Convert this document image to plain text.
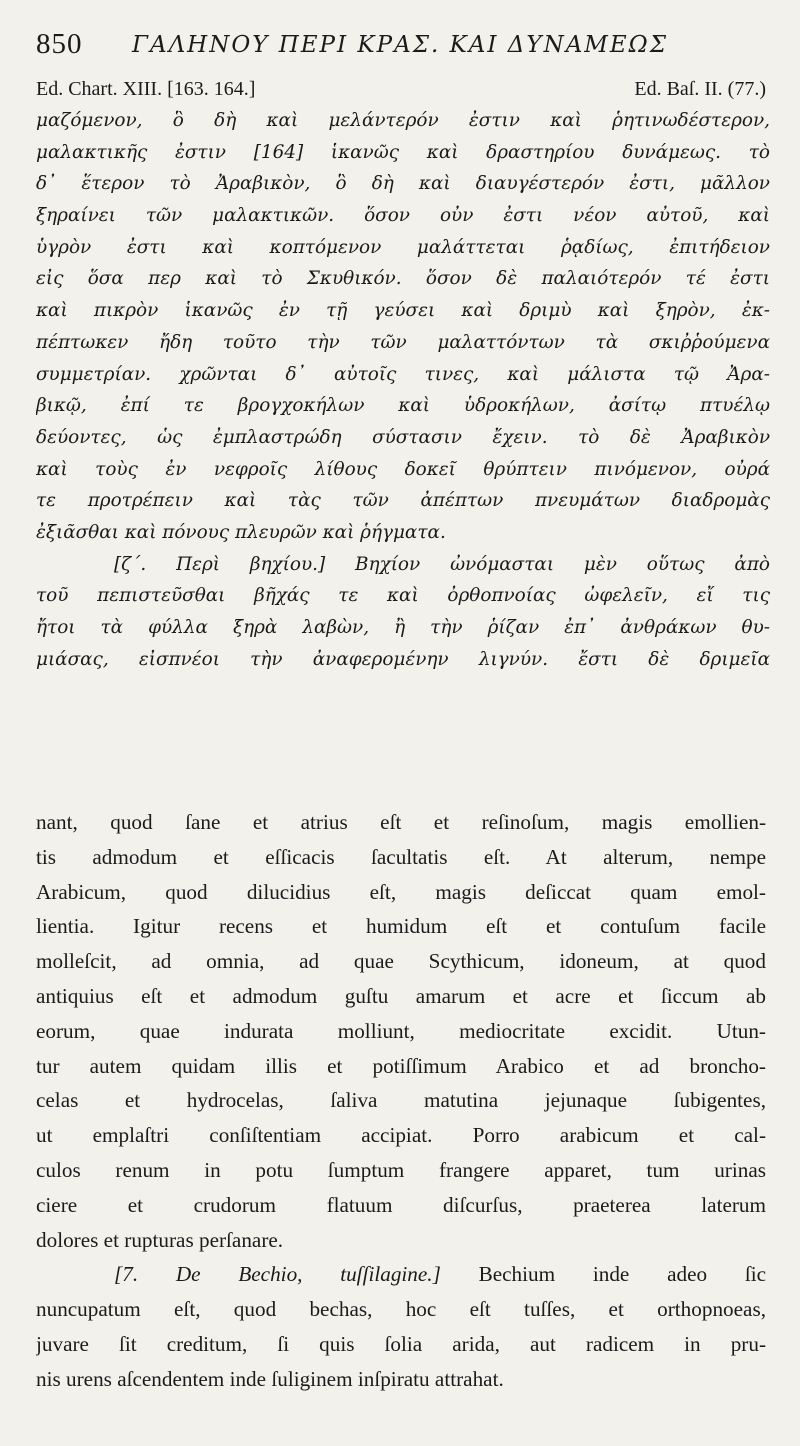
850 ΓΑΛΗΝΟΥ ΠΕΡΙ ΚΡΑΣ. ΚΑΙ ΔΥΝΑΜΕΩΣ
Ed. Chart. XIII. [163. 164.]	Ed. Baſ. II. (77.)
μαζόμενον, ὃ δὴ καὶ μελάντερόν ἐστιν καὶ ῥητινωδέστερον,
μαλακτικῆς ἐστιν [164] ἱκανῶς καὶ δραστηρίου δυνάμεως. τὸ
δ᾽ ἕτερον τὸ Ἀραβικὸν, ὃ δὴ καὶ διαυγέστερόν ἐστι, μᾶλλον
ξηραίνει τῶν μαλακτικῶν. ὅσον οὖν ἐστι νέον αὐτοῦ, καὶ
ὑγρὸν ἐστι καὶ κοπτόμενον μαλάττεται ῥᾳδίως, ἐπιτήδειον
εἰς ὅσα περ καὶ τὸ Σκυθικόν. ὅσον δὲ παλαιότερόν τέ ἐστι
καὶ πικρὸν ἱκανῶς ἐν τῇ γεύσει καὶ δριμὺ καὶ ξηρὸν, ἐκ-
πέπτωκεν ἤδη τοῦτο τὴν τῶν μαλαττόντων τὰ σκιῤῥούμενα
συμμετρίαν. χρῶνται δ᾽ αὐτοῖς τινες, καὶ μάλιστα τῷ Ἀρα-
βικῷ, ἐπί τε βρογχοκήλων καὶ ὑδροκήλων, ἀσίτῳ πτυέλῳ
δεύοντες, ὡς ἐμπλαστρώδη σύστασιν ἔχειν. τὸ δὲ Ἀραβικὸν
καὶ τοὺς ἐν νεφροῖς λίθους δοκεῖ θρύπτειν πινόμενον, οὖρά
τε προτρέπειν καὶ τὰς τῶν ἀπέπτων πνευμάτων διαδρομὰς
ἐξιᾶσθαι καὶ πόνους πλευρῶν καὶ ῥήγματα.
[ζ΄. Περὶ βηχίου.] Βηχίον ὠνόμασται μὲν οὕτως ἀπὸ
τοῦ πεπιστεῦσθαι βῆχάς τε καὶ ὀρθοπνοίας ὠφελεῖν, εἴ τις
ἤτοι τὰ φύλλα ξηρὰ λαβὼν, ἢ τὴν ῥίζαν ἐπ᾽ ἀνθράκων θυ-
μιάσας, εἰσπνέοι τὴν ἀναφερομένην λιγνύν. ἔστι δὲ δριμεῖα
nant, quod ſane et atrius eſt et reſinoſum, magis emollien-
tis admodum et eſſicacis ſacultatis eſt. At alterum, nempe
Arabicum, quod dilucidius eſt, magis deſiccat quam emol-
lientia. Igitur recens et humidum eſt et contuſum facile
molleſcit, ad omnia, ad quae Scythicum, idoneum, at quod
antiquius eſt et admodum guſtu amarum et acre et ſiccum ab
eorum, quae indurata molliunt, mediocritate excidit. Utun-
tur autem quidam illis et potiſſimum Arabico et ad broncho-
celas et hydrocelas, ſaliva matutina jejunaque ſubigentes,
ut emplaſtri conſiſtentiam accipiat. Porro arabicum et cal-
culos renum in potu ſumptum frangere apparet, tum urinas
ciere et crudorum flatuum diſcurſus, praeterea laterum
dolores et rupturas perſanare.
[7. De Bechio, tuſſilagine.] Bechium inde adeo ſic
nuncupatum eſt, quod bechas, hoc eſt tuſſes, et orthopnoeas,
juvare ſit creditum, ſi quis ſolia arida, aut radicem in pru-
nis urens aſcendentem inde ſuliginem inſpiratu attrahat.
